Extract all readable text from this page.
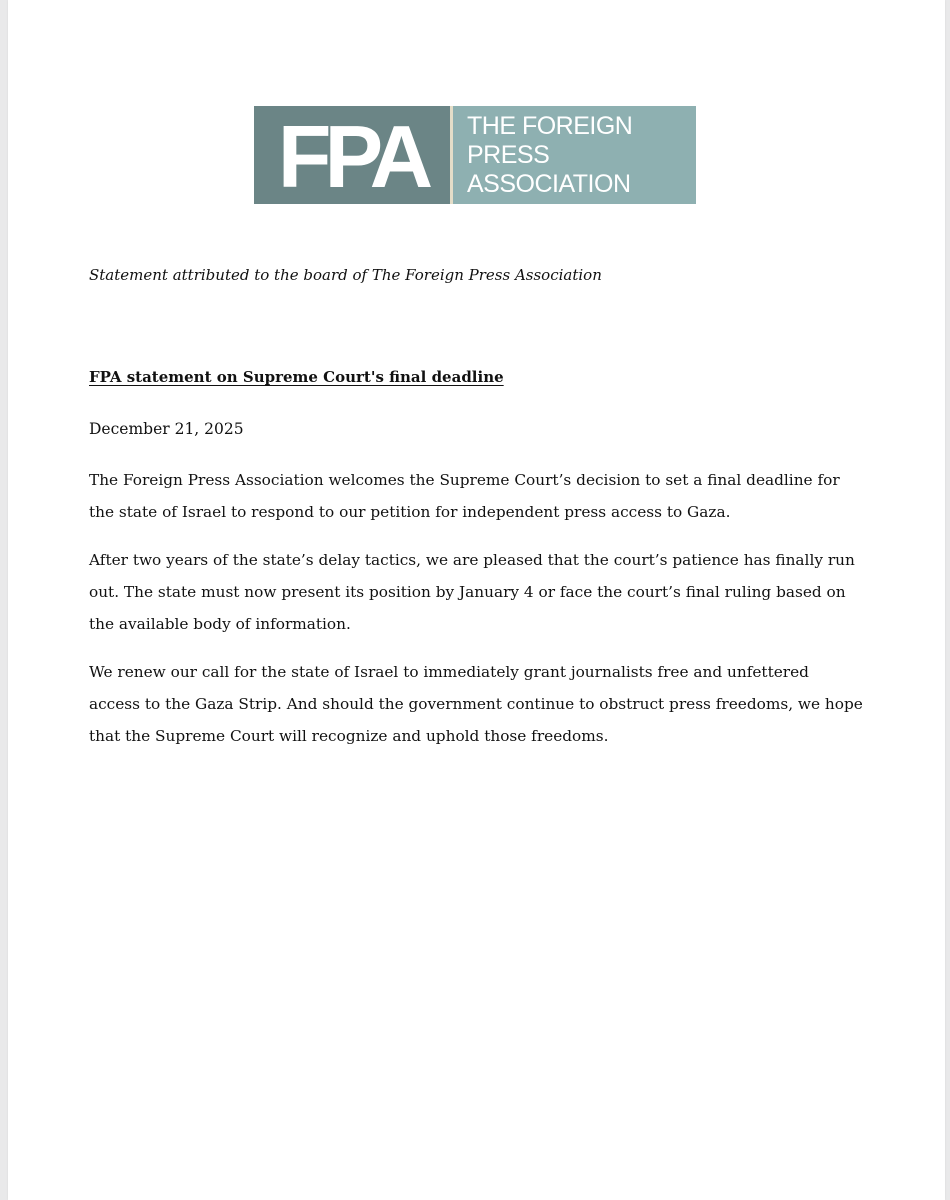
FPA THE FOREIGN PRESS
ASSOCIATION
Statement attributed to the board of The Foreign Press Association
FPA statement on Supreme Court's final deadline
December 21, 2025

The Foreign Press Association welcomes the Supreme Court’s decision to set a final deadline for the state of Israel to respond to our petition for independent press access to Gaza.

After two years of the state’s delay tactics, we are pleased that the court’s patience has finally run out. The state must now present its position by January 4 or face the court’s final ruling based on the available body of information.

We renew our call for the state of Israel to immediately grant journalists free and unfettered access to the Gaza Strip. And should the government continue to obstruct press freedoms, we hope that the Supreme Court will recognize and uphold those freedoms.
